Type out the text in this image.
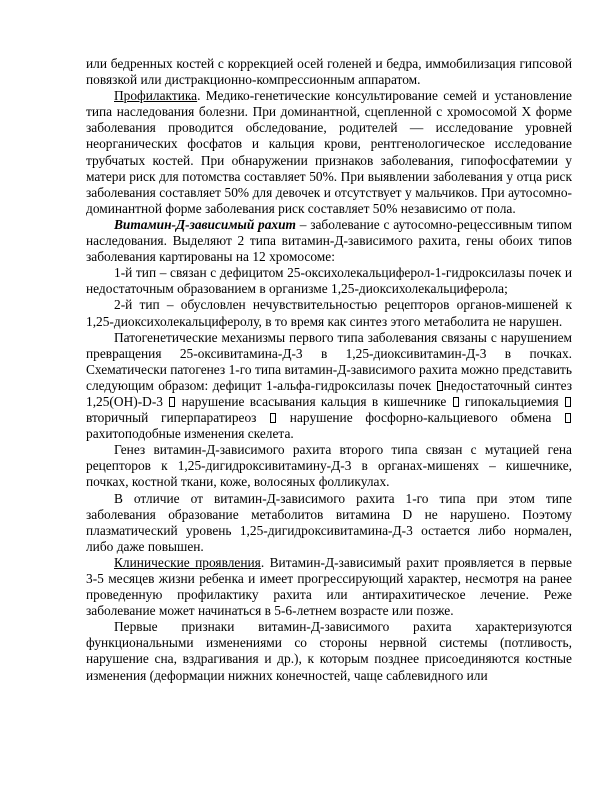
или бедренных костей с коррекцией осей голеней и бедра, иммобилизация гипсовой повязкой или дистракционно-компрессионным аппаратом.

Профилактика. Медико-генетические консультирование семей и установление типа наследования болезни. При доминантной, сцепленной с хромосомой X форме заболевания проводится обследование, родителей — исследование уровней неорганических фосфатов и кальция крови, рентгенологическое исследование трубчатых костей. При обнаружении признаков заболевания, гипофосфатемии у матери риск для потомства составляет 50%. При выявлении заболевания у отца риск заболевания составляет 50% для девочек и отсутствует у мальчиков. При аутосомно-доминантной форме заболевания риск составляет 50% независимо от пола.

Витамин-Д-зависимый рахит – заболевание с аутосомно-рецессивным типом наследования. Выделяют 2 типа витамин-Д-зависимого рахита, гены обоих типов заболевания картированы на 12 хромосоме:

1-й тип – связан с дефицитом 25-оксихолекальциферол-1-гидроксилазы почек и недостаточным образованием в организме 1,25-диоксихолекальциферола;

2-й тип – обусловлен нечувствительностью рецепторов органов-мишеней к 1,25-диоксихолекальциферолу, в то время как синтез этого метаболита не нарушен.

Патогенетические механизмы первого типа заболевания связаны с нарушением превращения 25-оксивитамина-Д-3 в 1,25-диоксивитамин-Д-3 в почках. Схематически патогенез 1-го типа витамин-Д-зависимого рахита можно представить следующим образом: дефицит 1-альфа-гидроксилазы почек недостаточный синтез 1,25(OH)-D-3  нарушение всасывания кальция в кишечнике  гипокальциемия  вторичный гиперпаратиреоз  нарушение фосфорно-кальциевого обмена  рахитоподобные изменения скелета.

Генез витамин-Д-зависимого рахита второго типа связан с мутацией гена рецепторов к 1,25-дигидроксивитамину-Д-3 в органах-мишенях – кишечнике, почках, костной ткани, коже, волосяных фолликулах.

В отличие от витамин-Д-зависимого рахита 1-го типа при этом типе заболевания образование метаболитов витамина D не нарушено. Поэтому плазматический уровень 1,25-дигидроксивитамина-Д-3 остается либо нормален, либо даже повышен.

Клинические проявления. Витамин-Д-зависимый рахит проявляется в первые 3-5 месяцев жизни ребенка и имеет прогрессирующий характер, несмотря на ранее проведенную профилактику рахита или антирахитическое лечение. Реже заболевание может начинаться в 5-6-летнем возрасте или позже.

Первые признаки витамин-Д-зависимого рахита характеризуются функциональными изменениями со стороны нервной системы (потливость, нарушение сна, вздрагивания и др.), к которым позднее присоединяются костные изменения (деформации нижних конечностей, чаще саблевидного или
